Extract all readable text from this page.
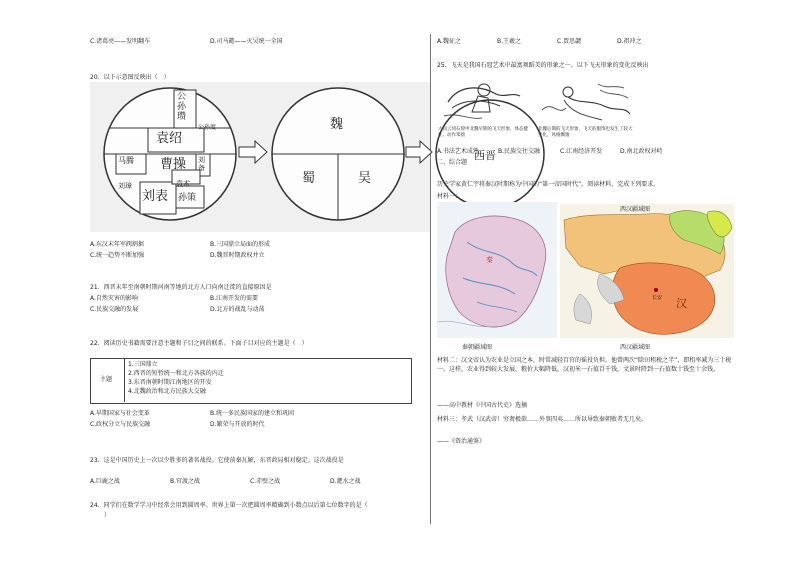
C.诸葛亮——发明翻车	D.司马懿——灭吴统一全国
20．以下示意图反映出（　）
公孙瓒
公孙度
袁绍
曹操
马腾	刘备
袁术
刘璋
刘表 孙策
魏
蜀	吴
A.东汉末年军阀割据	B.三国鼎立局面的形成
C.统一趋势不断加强	D.魏晋时期政权并立
21．西晋末年至南朝时期河南等地的北方人口向南迁徙的直接原因是
A.自然灾害的影响	B.江南开发的需要
C.民族交融的发展	D.北方的战乱与动荡
22．阅读历史书籍需要注意主题和子目之间的联系。下面子目对应的主题是（　）
主题
1.三国鼎立
2.西晋的短暂统一和北方各族的内迁
3.东晋南朝时期江南地区的开发
4.北魏政治和北方民族大交融
A.早期国家与社会变革	B.统一多民族国家的建立和巩固
C.政权分立与民族交融	D.繁荣与开放的时代
23．这是中国历史上一次以少胜多的著名战役。它使前秦瓦解，东晋政局相对稳定。这次战役是
A.巨鹿之战	B.官渡之战	C.赤壁之战	D.淝水之战
24．同学们在数学学习中经常会用到圆周率。世界上第一次把圆周率精确到小数点以后第七位数字的是（
）
A.魏征之	B.王羲之	C.贾思勰	D.祖冲之
25．飞天是我国石窟艺术中最富舞蹈美的形象之一。以下飞天形象的变化反映出
大同云冈石窟中北魏早期的飞天形象，体态健壮、动作笨拙
北魏后期的飞天形象，飞天的服饰也发生了较大变化，风格飘逸
西晋
A.书法艺术成熟	B.民族交往交融	C.江南经济开发	D.南北政权对峙
二、综合题
历史学家黄仁宇将秦汉时期称为中国的“第一帝国时代”。阅读材料，完成下列要求。
材料一：
秦
西汉疆域图
长安 汉
秦朝疆域图	西汉疆域图
材料二：汉文帝认为农业是立国之本，时常减轻百官的徭役负担。他曾两次“除田租税之半”，即租率减为三十税一。这样，农业得到较大发展，粮价大幅降低。汉初米一石值百千钱，文景时降到一石值数十钱至十余钱。
——高中教材《中国古代史》选摘
材料三：孝武（汉武帝）穷奢极欲……外事四夷……所以导致秦朝败者无几矣。
——《资治通鉴》
